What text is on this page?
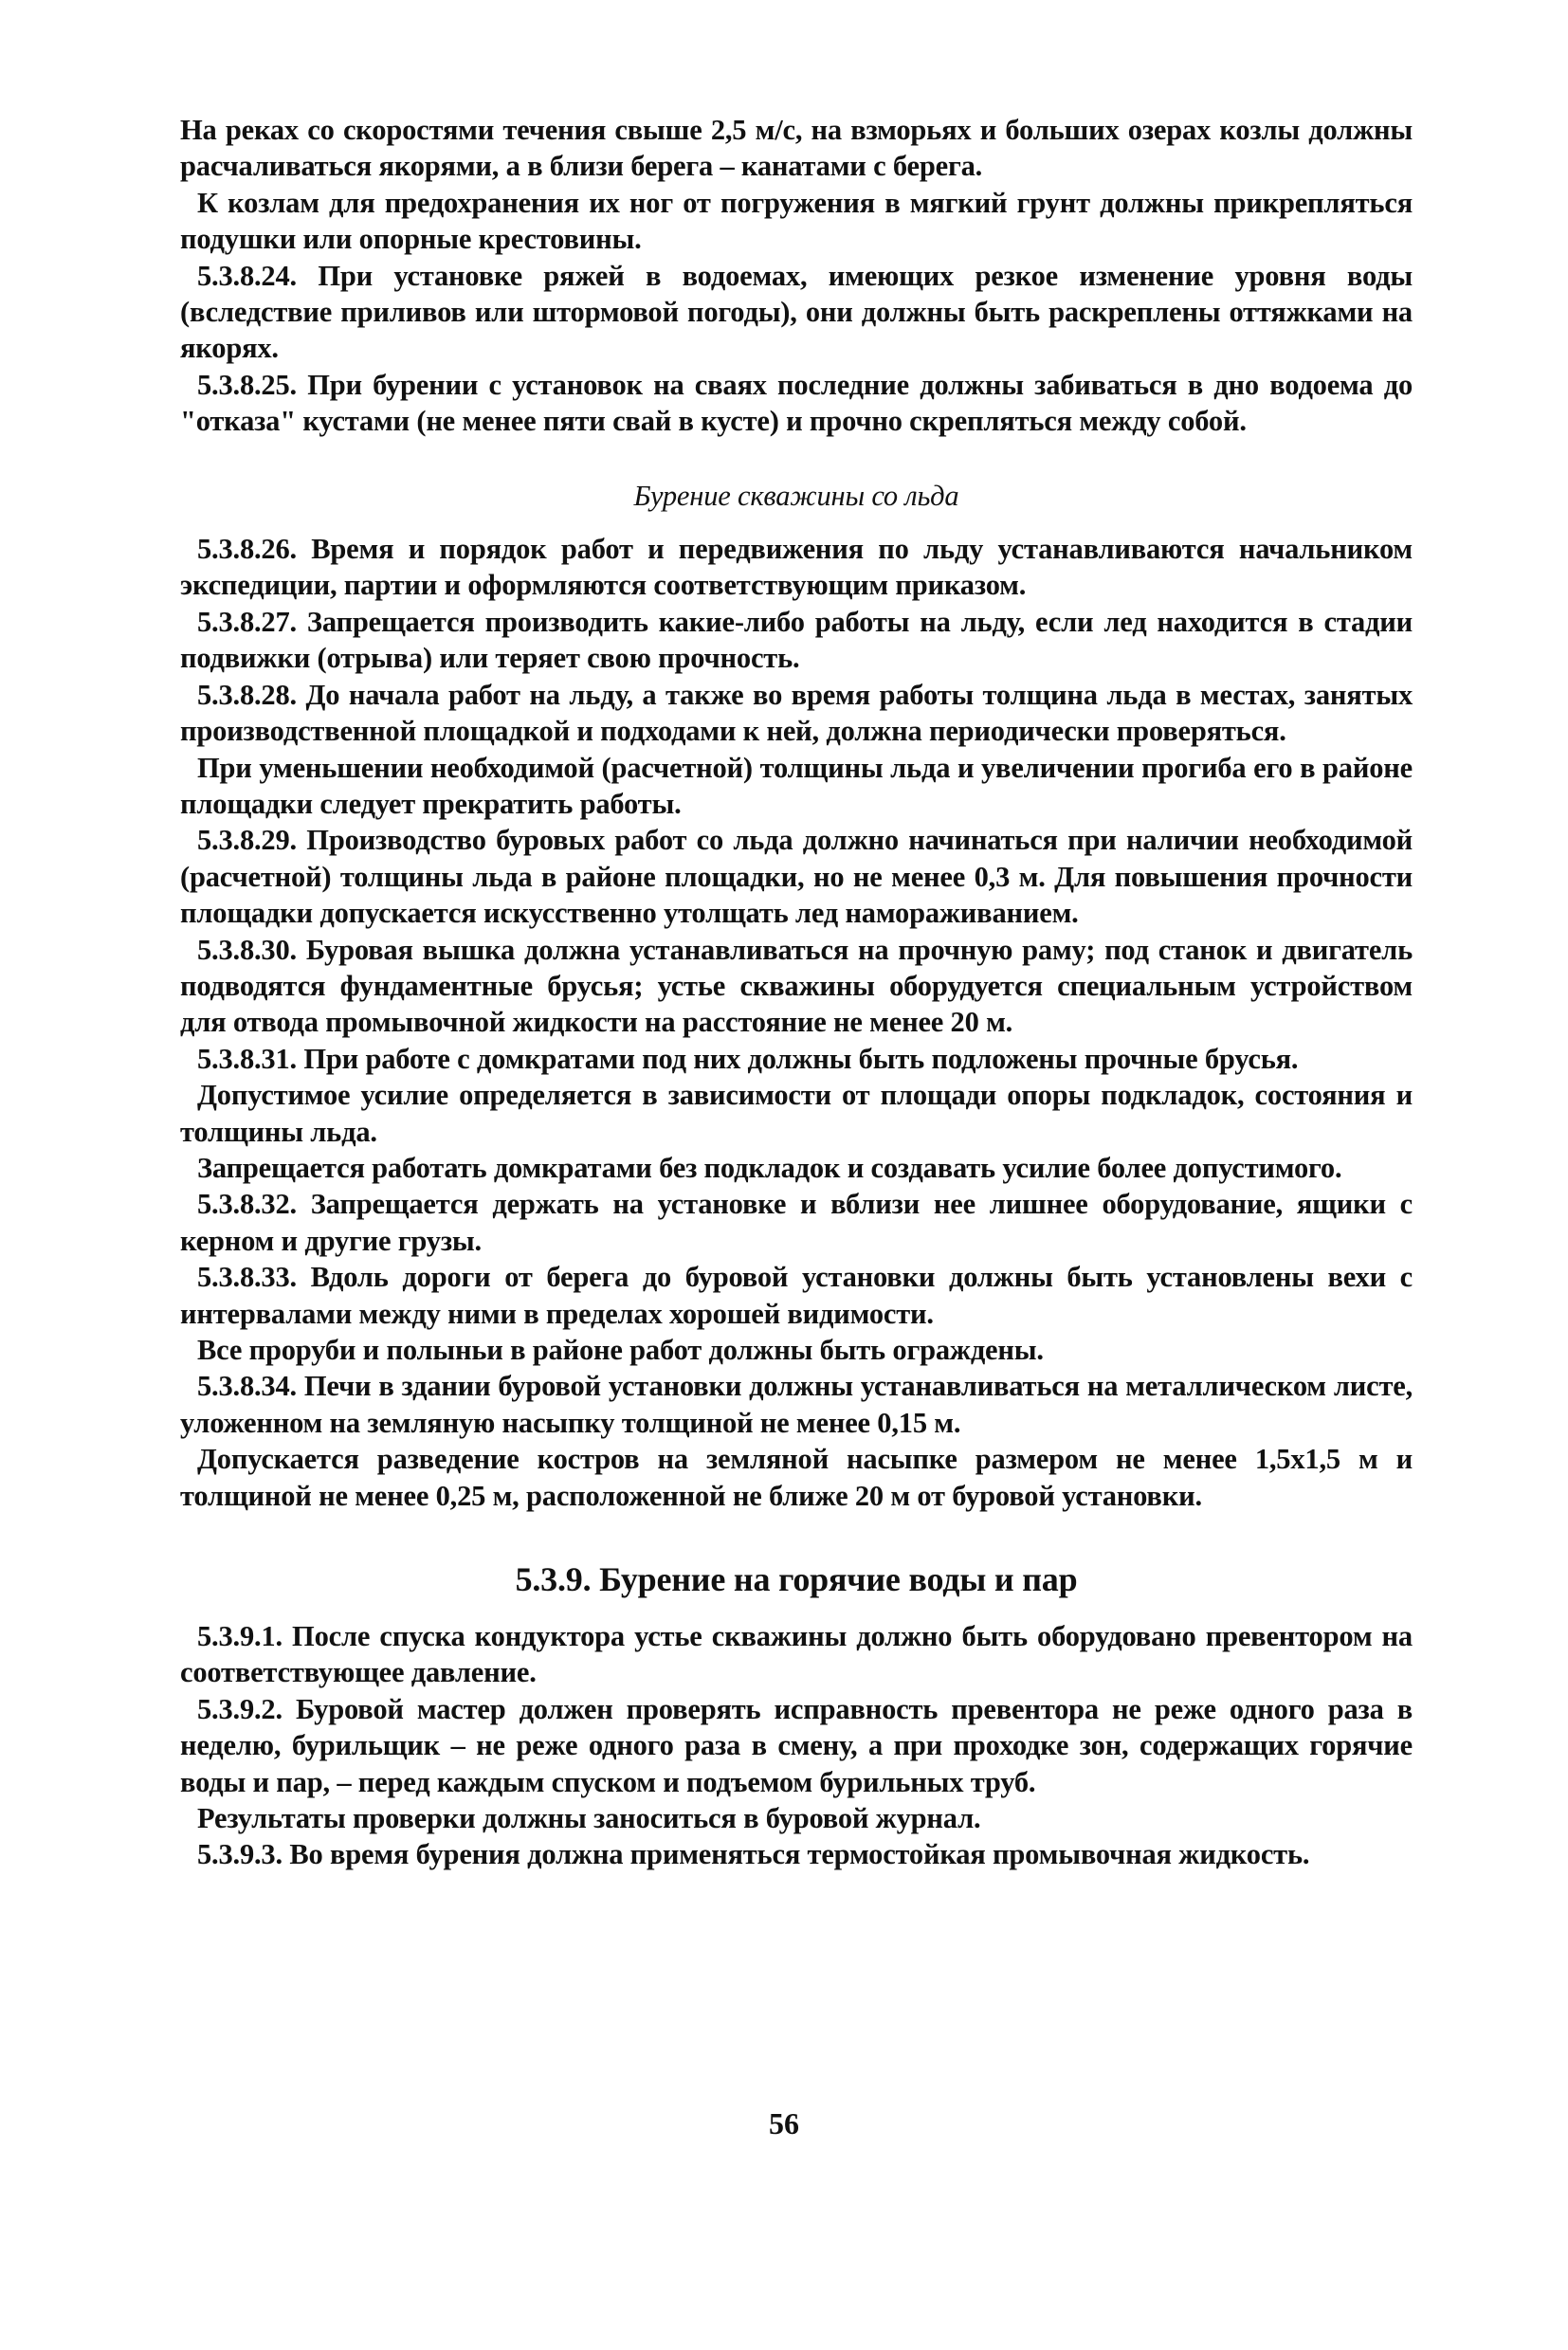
На реках со скоростями течения свыше 2,5 м/с, на взморьях и больших озерах козлы должны расчаливаться якорями, а в близи берега – канатами с берега.

К козлам для предохранения их ног от погружения в мягкий грунт должны прикрепляться подушки или опорные крестовины.

5.3.8.24. При установке ряжей в водоемах, имеющих резкое изменение уровня воды (вследствие приливов или штормовой погоды), они должны быть раскреплены оттяжками на якорях.

5.3.8.25. При бурении с установок на сваях последние должны забиваться в дно водоема до "отказа" кустами (не менее пяти свай в кусте) и прочно скрепляться между собой.

Бурение скважины со льда

5.3.8.26. Время и порядок работ и передвижения по льду устанавливаются начальником экспедиции, партии и оформляются соответствующим приказом.

5.3.8.27. Запрещается производить какие-либо работы на льду, если лед находится в стадии подвижки (отрыва) или теряет свою прочность.

5.3.8.28. До начала работ на льду, а также во время работы толщина льда в местах, занятых производственной площадкой и подходами к ней, должна периодически проверяться.

При уменьшении необходимой (расчетной) толщины льда и увеличении прогиба его в районе площадки следует прекратить работы.

5.3.8.29. Производство буровых работ со льда должно начинаться при наличии необходимой (расчетной) толщины льда в районе площадки, но не менее 0,3 м. Для повышения прочности площадки допускается искусственно утолщать лед намораживанием.

5.3.8.30. Буровая вышка должна устанавливаться на прочную раму; под станок и двигатель подводятся фундаментные брусья; устье скважины оборудуется специальным устройством для отвода промывочной жидкости на расстояние не менее 20 м.

5.3.8.31. При работе с домкратами под них должны быть подложены прочные брусья.

Допустимое усилие определяется в зависимости от площади опоры подкладок, состояния и толщины льда.

Запрещается работать домкратами без подкладок и создавать усилие более допустимого.

5.3.8.32. Запрещается держать на установке и вблизи нее лишнее оборудование, ящики с керном и другие грузы.

5.3.8.33. Вдоль дороги от берега до буровой установки должны быть установлены вехи с интервалами между ними в пределах хорошей видимости.

Все проруби и полыньи в районе работ должны быть ограждены.

5.3.8.34. Печи в здании буровой установки должны устанавливаться на металлическом листе, уложенном на земляную насыпку толщиной не менее 0,15 м.

Допускается разведение костров на земляной насыпке размером не менее 1,5х1,5 м и толщиной не менее 0,25 м, расположенной не ближе 20 м от буровой установки.

5.3.9. Бурение на горячие воды и пар

5.3.9.1. После спуска кондуктора устье скважины должно быть оборудовано превентором на соответствующее давление.

5.3.9.2. Буровой мастер должен проверять исправность превентора не реже одного раза в неделю, бурильщик – не реже одного раза в смену, а при проходке зон, содержащих горячие воды и пар, – перед каждым спуском и подъемом бурильных труб.

Результаты проверки должны заноситься в буровой журнал.

5.3.9.3. Во время бурения должна применяться термостойкая промывочная жидкость.

56
